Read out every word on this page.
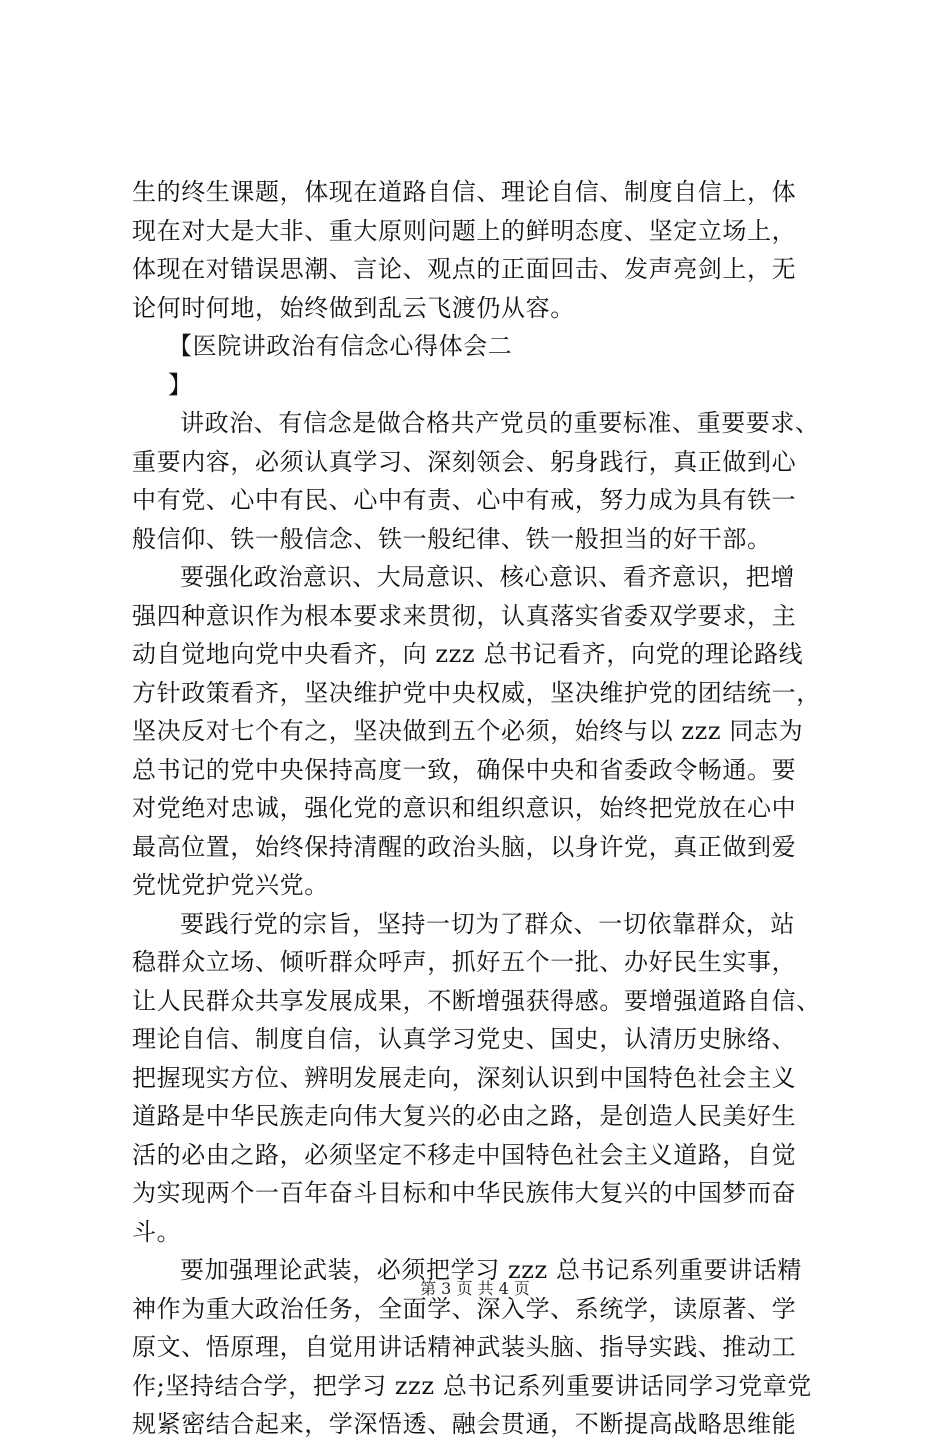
生的终生课题，体现在道路自信、理论自信、制度自信上，体
现在对大是大非、重大原则问题上的鲜明态度、坚定立场上，
体现在对错误思潮、言论、观点的正面回击、发声亮剑上，无
论何时何地，始终做到乱云飞渡仍从容。
【医院讲政治有信念心得体会二
】
讲政治、有信念是做合格共产党员的重要标准、重要要求、
重要内容，必须认真学习、深刻领会、躬身践行，真正做到心
中有党、心中有民、心中有责、心中有戒，努力成为具有铁一
般信仰、铁一般信念、铁一般纪律、铁一般担当的好干部。
要强化政治意识、大局意识、核心意识、看齐意识，把增
强四种意识作为根本要求来贯彻，认真落实省委双学要求，主
动自觉地向党中央看齐，向 zzz 总书记看齐，向党的理论路线
方针政策看齐，坚决维护党中央权威，坚决维护党的团结统一，
坚决反对七个有之，坚决做到五个必须，始终与以 zzz 同志为
总书记的党中央保持高度一致，确保中央和省委政令畅通。要
对党绝对忠诚，强化党的意识和组织意识，始终把党放在心中
最高位置，始终保持清醒的政治头脑，以身许党，真正做到爱
党忧党护党兴党。
要践行党的宗旨，坚持一切为了群众、一切依靠群众，站
稳群众立场、倾听群众呼声，抓好五个一批、办好民生实事，
让人民群众共享发展成果，不断增强获得感。要增强道路自信、
理论自信、制度自信，认真学习党史、国史，认清历史脉络、
把握现实方位、辨明发展走向，深刻认识到中国特色社会主义
道路是中华民族走向伟大复兴的必由之路，是创造人民美好生
活的必由之路，必须坚定不移走中国特色社会主义道路，自觉
为实现两个一百年奋斗目标和中华民族伟大复兴的中国梦而奋
斗。
要加强理论武装，必须把学习 zzz 总书记系列重要讲话精
神作为重大政治任务，全面学、深入学、系统学，读原著、学
原文、悟原理，自觉用讲话精神武装头脑、指导实践、推动工
作;坚持结合学，把学习 zzz 总书记系列重要讲话同学习党章党
规紧密结合起来，学深悟透、融会贯通，不断提高战略思维能
第 3 页 共 4 页
